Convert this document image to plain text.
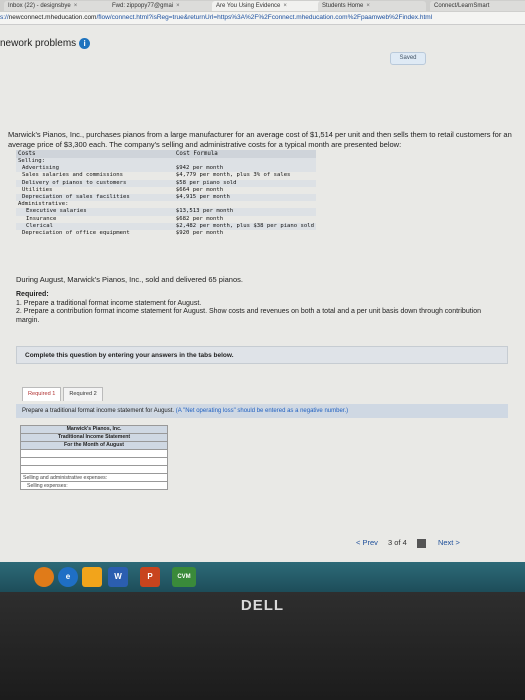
Inbox (22) - designsbye ×	Fwd: zippopy77@gmai ×	Are You Using Evidence ×	Students Home ×	Connect/LearnSmart
s://newconnect.mheducation.com/flow/connect.html?isReg=true&returnUrl=https%3A%2F%2Fconnect.mheducation.com%2Fpaamweb%2Findex.html
nework problems i
Saved
Marwick's Pianos, Inc., purchases pianos from a large manufacturer for an average cost of $1,514 per unit and then sells them to retail customers for an average price of $3,300 each. The company's selling and administrative costs for a typical month are presented below:
Costs	Cost Formula
Selling:	
Advertising	$942 per month
Sales salaries and commissions	$4,779 per month, plus 3% of sales
Delivery of pianos to customers	$58 per piano sold
Utilities	$664 per month
Depreciation of sales facilities	$4,915 per month
Administrative:	
Executive salaries	$13,513 per month
Insurance	$682 per month
Clerical	$2,482 per month, plus $38 per piano sold
Depreciation of office equipment	$920 per month
During August, Marwick's Pianos, Inc., sold and delivered 65 pianos.
Required:
1. Prepare a traditional format income statement for August.
2. Prepare a contribution format income statement for August. Show costs and revenues on both a total and a per unit basis down through contribution margin.
Complete this question by entering your answers in the tabs below.
Required 1	Required 2
Prepare a traditional format income statement for August. (A "Net operating loss" should be entered as a negative number.)
Marwick's Pianos, Inc.
Traditional Income Statement
For the Month of August

Selling and administrative expenses:
Selling expenses:
< Prev 3 of 4	Next >
e	W	P	CVM
DELL
